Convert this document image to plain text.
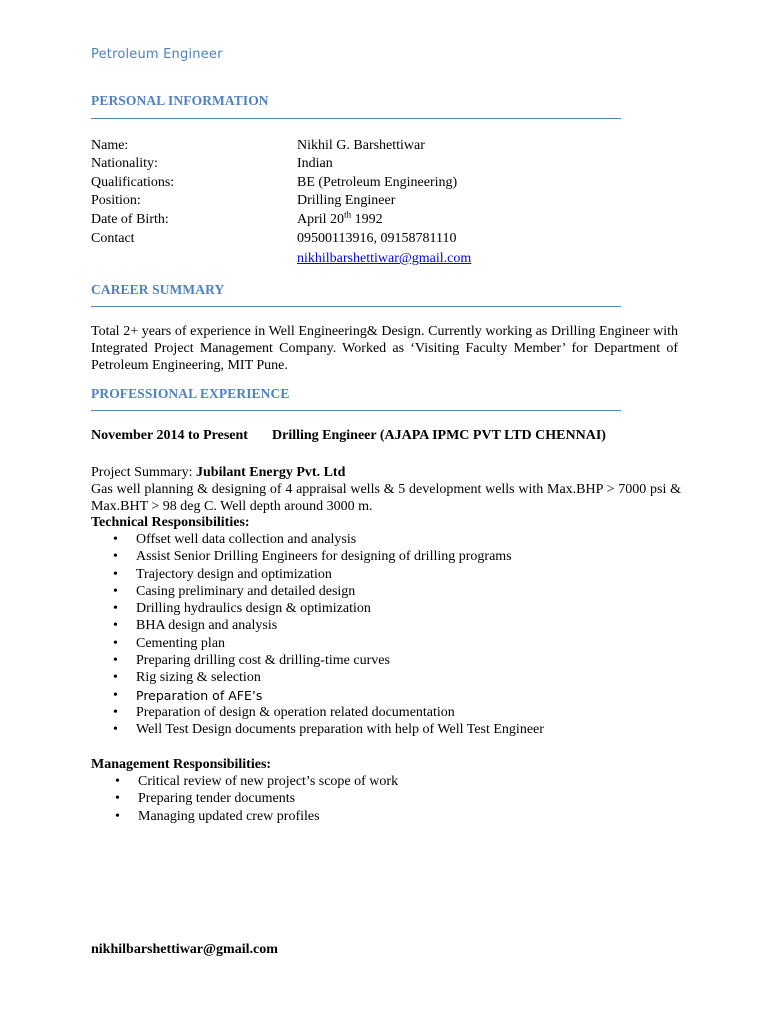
Petroleum Engineer
PERSONAL INFORMATION
Name:	Nikhil G. Barshettiwar
Nationality:	Indian
Qualifications:	BE (Petroleum Engineering)
Position:	Drilling Engineer
Date of Birth:	April 20th 1992
Contact	09500113916, 09158781110
nikhilbarshettiwar@gmail.com
CAREER SUMMARY
Total 2+ years of experience in Well Engineering& Design. Currently working as Drilling Engineer with Integrated Project Management Company. Worked as ‘Visiting Faculty Member’ for Department of Petroleum Engineering, MIT Pune.
PROFESSIONAL EXPERIENCE
November 2014 to Present Drilling Engineer (AJAPA IPMC PVT LTD CHENNAI)
Project Summary: Jubilant Energy Pvt. Ltd
Gas well planning & designing of 4 appraisal wells & 5 development wells with Max.BHP > 7000 psi & Max.BHT > 98 deg C. Well depth around 3000 m.
Technical Responsibilities:
• Offset well data collection and analysis
• Assist Senior Drilling Engineers for designing of drilling programs
• Trajectory design and optimization
• Casing preliminary and detailed design
• Drilling hydraulics design & optimization
• BHA design and analysis
• Cementing plan
• Preparing drilling cost & drilling-time curves
• Rig sizing & selection
• Preparation of AFE’s
• Preparation of design & operation related documentation
• Well Test Design documents preparation with help of Well Test Engineer
Management Responsibilities:
• Critical review of new project’s scope of work
• Preparing tender documents
• Managing updated crew profiles
nikhilbarshettiwar@gmail.com
